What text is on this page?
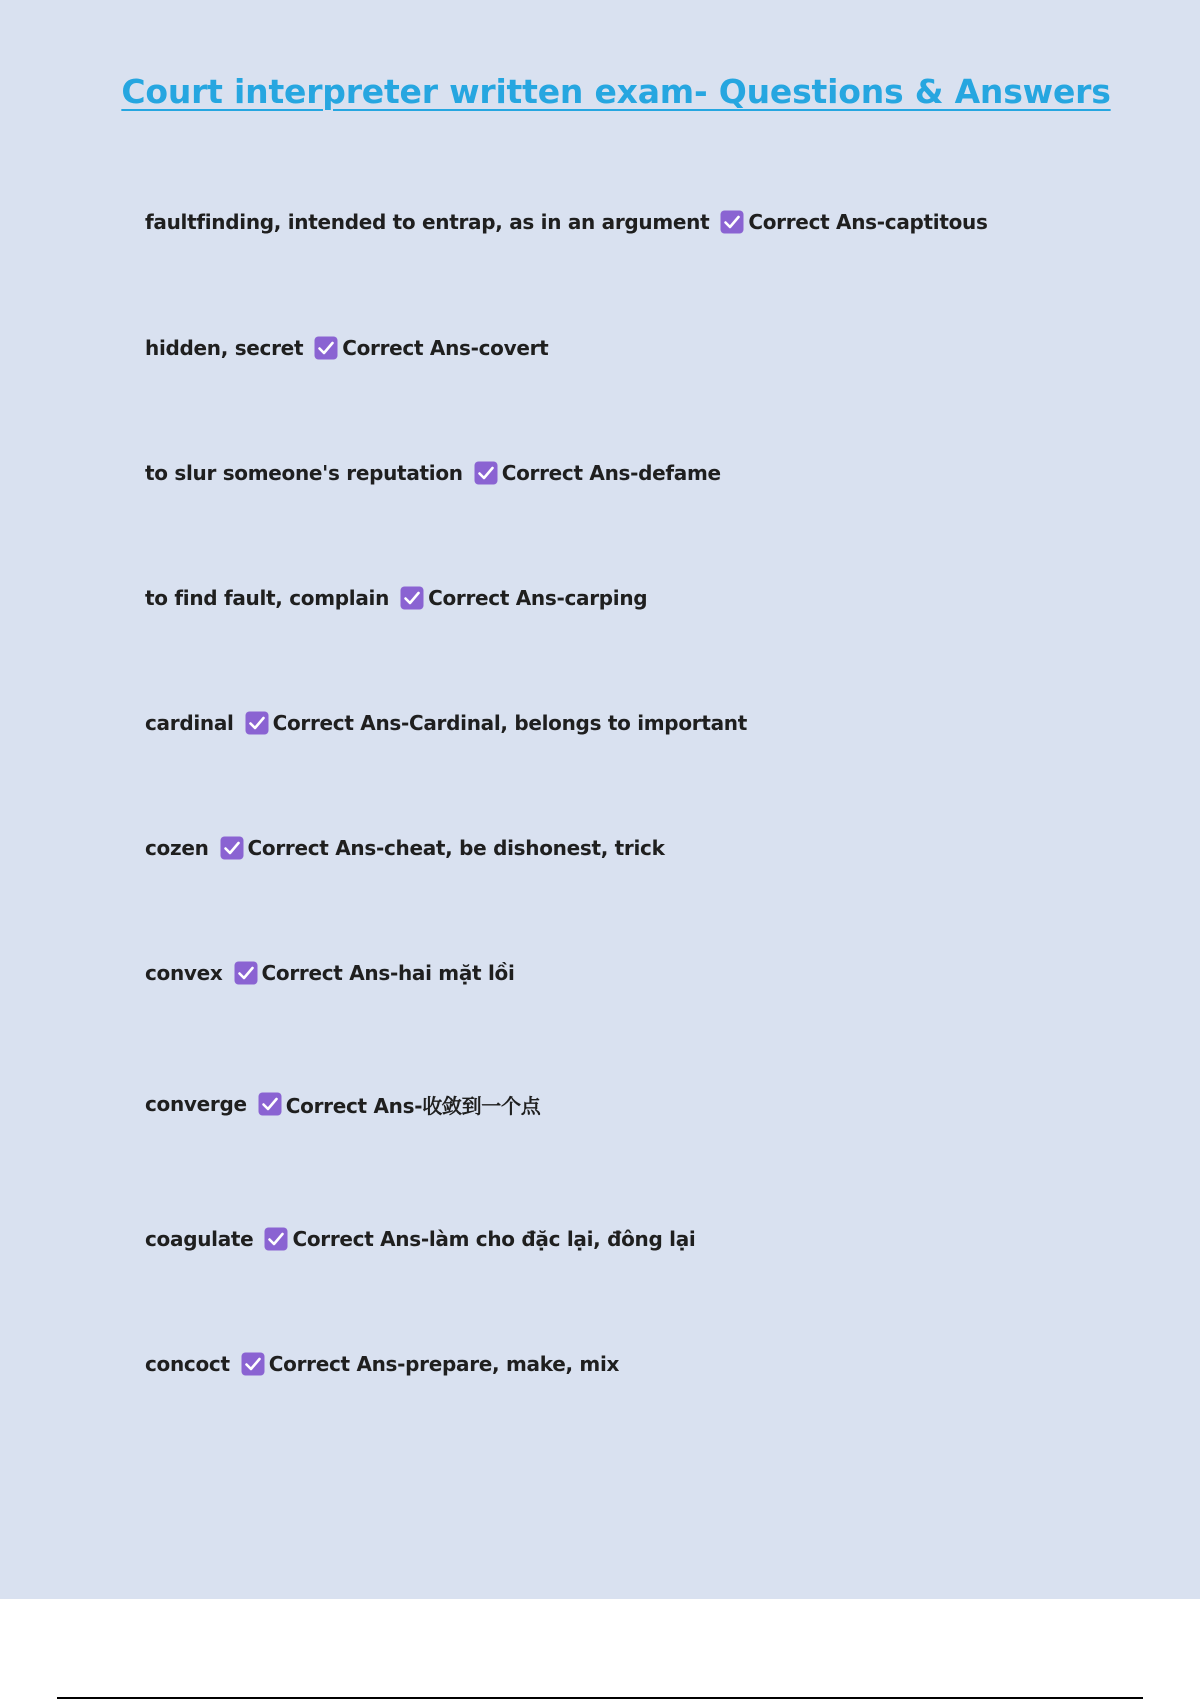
Court interpreter written exam- Questions & Answers
faultfinding, intended to entrap, as in an argument Correct Ans-captitous
hidden, secret Correct Ans-covert
to slur someone's reputation Correct Ans-defame
to find fault, complain Correct Ans-carping
cardinal Correct Ans-Cardinal, belongs to important
cozen Correct Ans-cheat, be dishonest, trick
convex Correct Ans-hai mặt lồi
converge Correct Ans-收敛到一个点
coagulate Correct Ans-làm cho đặc lại, đông lại
concoct Correct Ans-prepare, make, mix
